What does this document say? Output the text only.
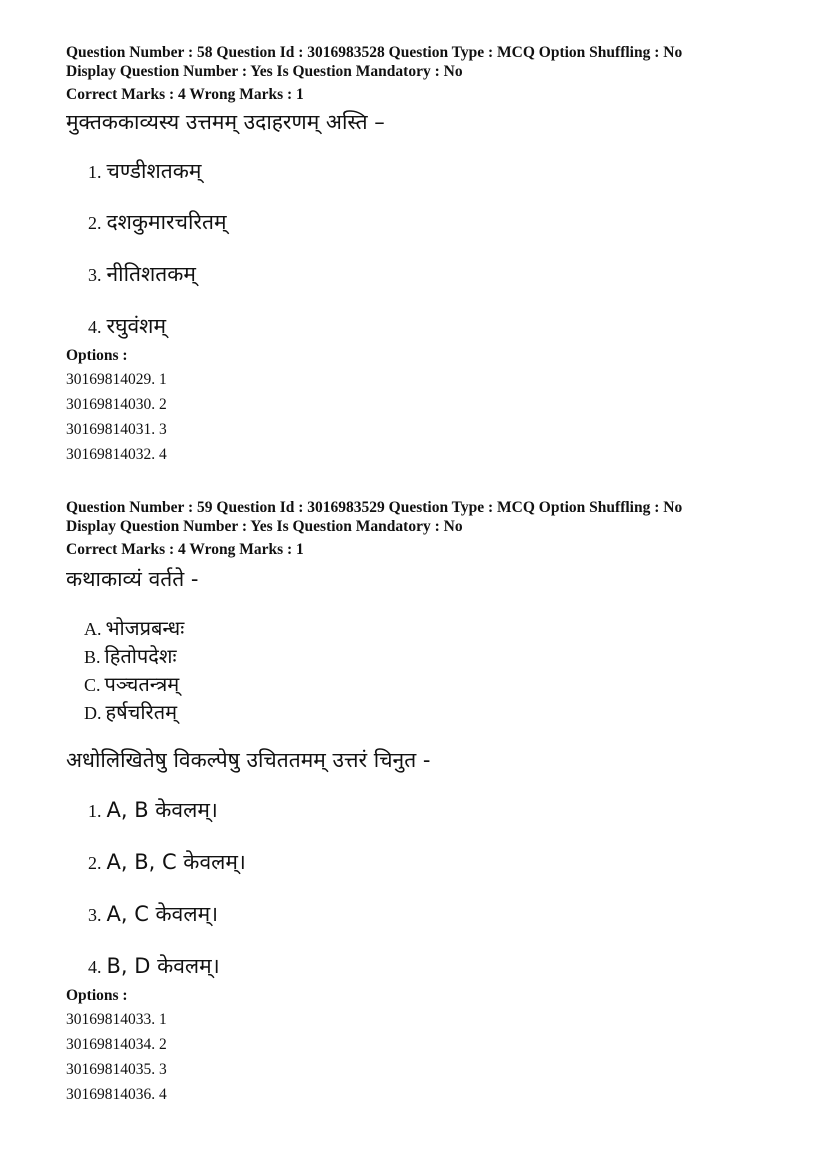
Question Number : 58 Question Id : 3016983528 Question Type : MCQ Option Shuffling : No
Display Question Number : Yes Is Question Mandatory : No
Correct Marks : 4 Wrong Marks : 1
मुक्तककाव्यस्य उत्तमम् उदाहरणम् अस्ति –
1. चण्डीशतकम्
2. दशकुमारचरितम्
3. नीतिशतकम्
4. रघुवंशम्
Options :
30169814029. 1
30169814030. 2
30169814031. 3
30169814032. 4
Question Number : 59 Question Id : 3016983529 Question Type : MCQ Option Shuffling : No
Display Question Number : Yes Is Question Mandatory : No
Correct Marks : 4 Wrong Marks : 1
कथाकाव्यं वर्तते -
A. भोजप्रबन्धः
B. हितोपदेशः
C. पञ्चतन्त्रम्
D. हर्षचरितम्
अधोलिखितेषु विकल्पेषु उचिततमम् उत्तरं चिनुत -
1. A, B केवलम्।
2. A, B, C केवलम्।
3. A, C केवलम्।
4. B, D केवलम्।
Options :
30169814033. 1
30169814034. 2
30169814035. 3
30169814036. 4
